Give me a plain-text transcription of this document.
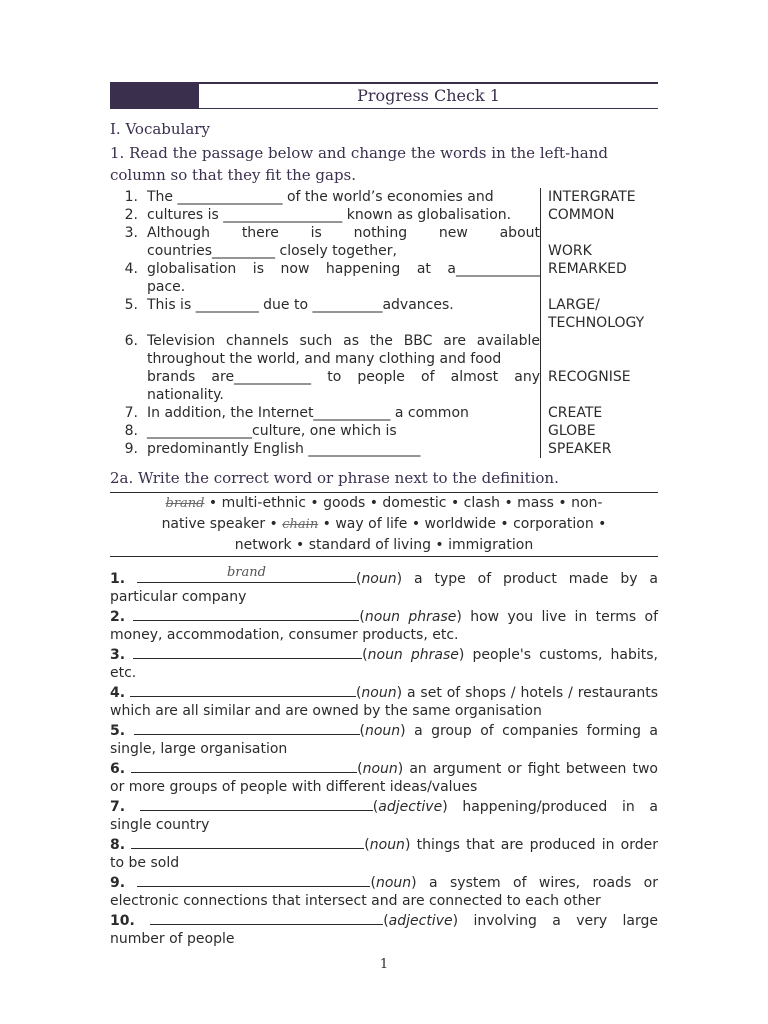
Progress Check 1
I. Vocabulary
1. Read the passage below and change the words in the left-hand column so that they fit the gaps.
1. The _______________ of the world’s economies and	INTERGRATE
2. cultures is _________________ known as globalisation.	COMMON
3. Although there is nothing new about
countries_________ closely together,	WORK
4. globalisation is now happening at a____________ REMARKED
pace.
5. This is _________ due to __________advances.	LARGE/
TECHNOLOGY
6. Television channels such as the BBC are available
throughout the world, and many clothing and food
brands are___________ to people of almost any RECOGNISE
nationality.
7. In addition, the Internet___________ a common	CREATE
8. _______________culture, one which is	GLOBE
9. predominantly English ________________	SPEAKER
2a. Write the correct word or phrase next to the definition.
brand • multi-ethnic • goods • domestic • clash • mass • non-
native speaker • chain • way of life • worldwide • corporation •
network • standard of living • immigration
1.	brand	(noun) a type of product made by a particular company
2.	(noun phrase) how you live in terms of money, accommodation, consumer products, etc.
3.	(noun phrase) people's customs, habits, etc.
4.	(noun) a set of shops / hotels / restaurants which are all similar and are owned by the same organisation
5.	(noun) a group of companies forming a single, large organisation
6.	(noun) an argument or fight between two or more groups of people with different ideas/values
7.	(adjective) happening/produced in a single country
8.	(noun) things that are produced in order to be sold
9.	(noun) a system of wires, roads or electronic connections that intersect and are connected to each other
10.	(adjective) involving a very large number of people
1
